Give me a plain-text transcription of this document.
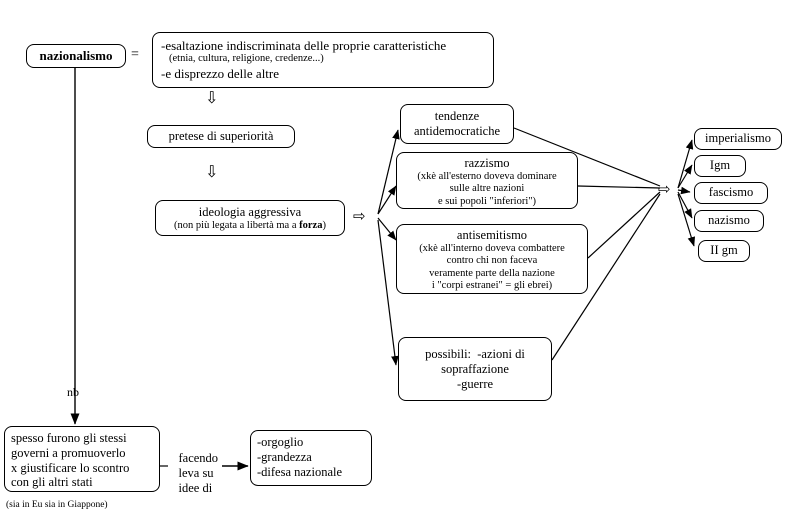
nazionalismo	=
-esaltazione indiscriminata delle proprie caratteristiche
(etnia, cultura, religione, credenze...)
-e disprezzo delle altre
⇩
pretese di superiorità
⇩
ideologia aggressiva
(non più legata a libertà ma a forza)
⇨
tendenze
antidemocratiche
razzismo
(xkè all'esterno doveva dominare
sulle altre nazioni
e sui popoli "inferiori")
antisemitismo
(xkè all'interno doveva combattere
contro chi non faceva
veramente parte della nazione
i "corpi estranei" = gli ebrei)
possibili:  -azioni di
sopraffazione
-guerre
⇨
imperialismo
Igm
fascismo
nazismo
II gm
nb
spesso furono gli stessi
governi a promuoverlo
x giustificare lo scontro
con gli altri stati
(sia in Eu sia in Giappone)

facendo
leva su
idee di

-orgoglio
-grandezza
-difesa nazionale
